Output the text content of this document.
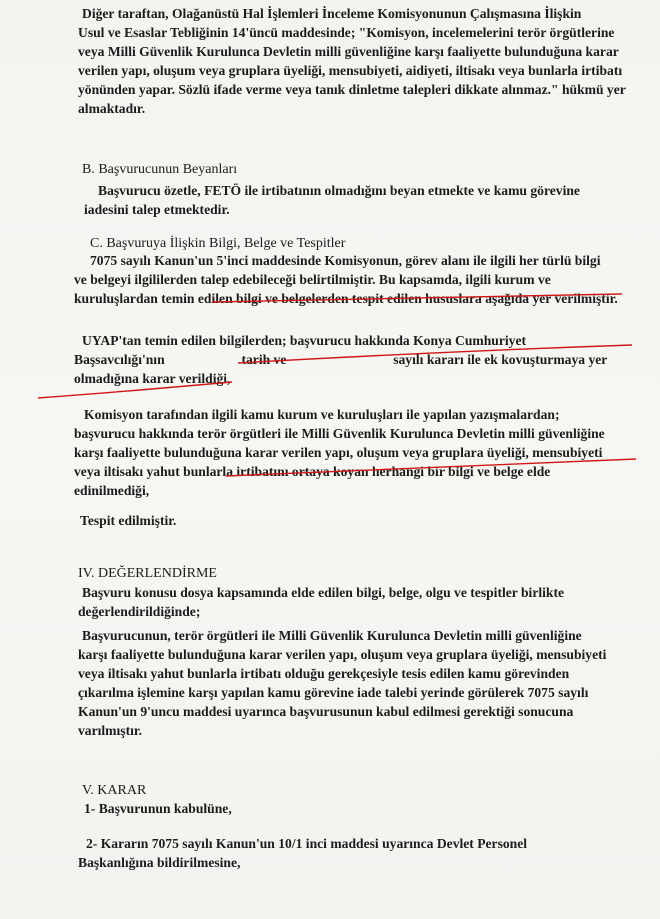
Diğer taraftan, Olağanüstü Hal İşlemleri İnceleme Komisyonunun Çalışmasına İlişkin
Usul ve Esaslar Tebliğinin 14'üncü maddesinde; "Komisyon, incelemelerini terör örgütlerine
veya Milli Güvenlik Kurulunca Devletin milli güvenliğine karşı faaliyette bulunduğuna karar
verilen yapı, oluşum veya gruplara üyeliği, mensubiyeti, aidiyeti, iltisakı veya bunlarla irtibatı
yönünden yapar. Sözlü ifade verme veya tanık dinletme talepleri dikkate alınmaz." hükmü yer
almaktadır.
B. Başvurucunun Beyanları
Başvurucu özetle, FETÖ ile irtibatının olmadığını beyan etmekte ve kamu görevine
iadesini talep etmektedir.
C. Başvuruya İlişkin Bilgi, Belge ve Tespitler
7075 sayılı Kanun'un 5'inci maddesinde Komisyonun, görev alanı ile ilgili her türlü bilgi
ve belgeyi ilgililerden talep edebileceği belirtilmiştir. Bu kapsamda, ilgili kurum ve
kuruluşlardan temin edilen bilgi ve belgelerden tespit edilen hususlara aşağıda yer verilmiştir.
UYAP'tan temin edilen bilgilerden; başvurucu hakkında Konya Cumhuriyet
Başsavcılığı'nın	tarih ve	sayılı kararı ile ek kovuşturmaya yer
olmadığına karar verildiği,
Komisyon tarafından ilgili kamu kurum ve kuruluşları ile yapılan yazışmalardan;
başvurucu hakkında terör örgütleri ile Milli Güvenlik Kurulunca Devletin milli güvenliğine
karşı faaliyette bulunduğuna karar verilen yapı, oluşum veya gruplara üyeliği, mensubiyeti
veya iltisakı yahut bunlarla irtibatını ortaya koyan herhangi bir bilgi ve belge elde
edinilmediği,
Tespit edilmiştir.
IV. DEĞERLENDİRME
Başvuru konusu dosya kapsamında elde edilen bilgi, belge, olgu ve tespitler birlikte
değerlendirildiğinde;
Başvurucunun, terör örgütleri ile Milli Güvenlik Kurulunca Devletin milli güvenliğine
karşı faaliyette bulunduğuna karar verilen yapı, oluşum veya gruplara üyeliği, mensubiyeti
veya iltisakı yahut bunlarla irtibatı olduğu gerekçesiyle tesis edilen kamu görevinden
çıkarılma işlemine karşı yapılan kamu görevine iade talebi yerinde görülerek 7075 sayılı
Kanun'un 9'uncu maddesi uyarınca başvurusunun kabul edilmesi gerektiği sonucuna
varılmıştır.
V. KARAR
1- Başvurunun kabulüne,
2- Kararın 7075 sayılı Kanun'un 10/1 inci maddesi uyarınca Devlet Personel
Başkanlığına bildirilmesine,
